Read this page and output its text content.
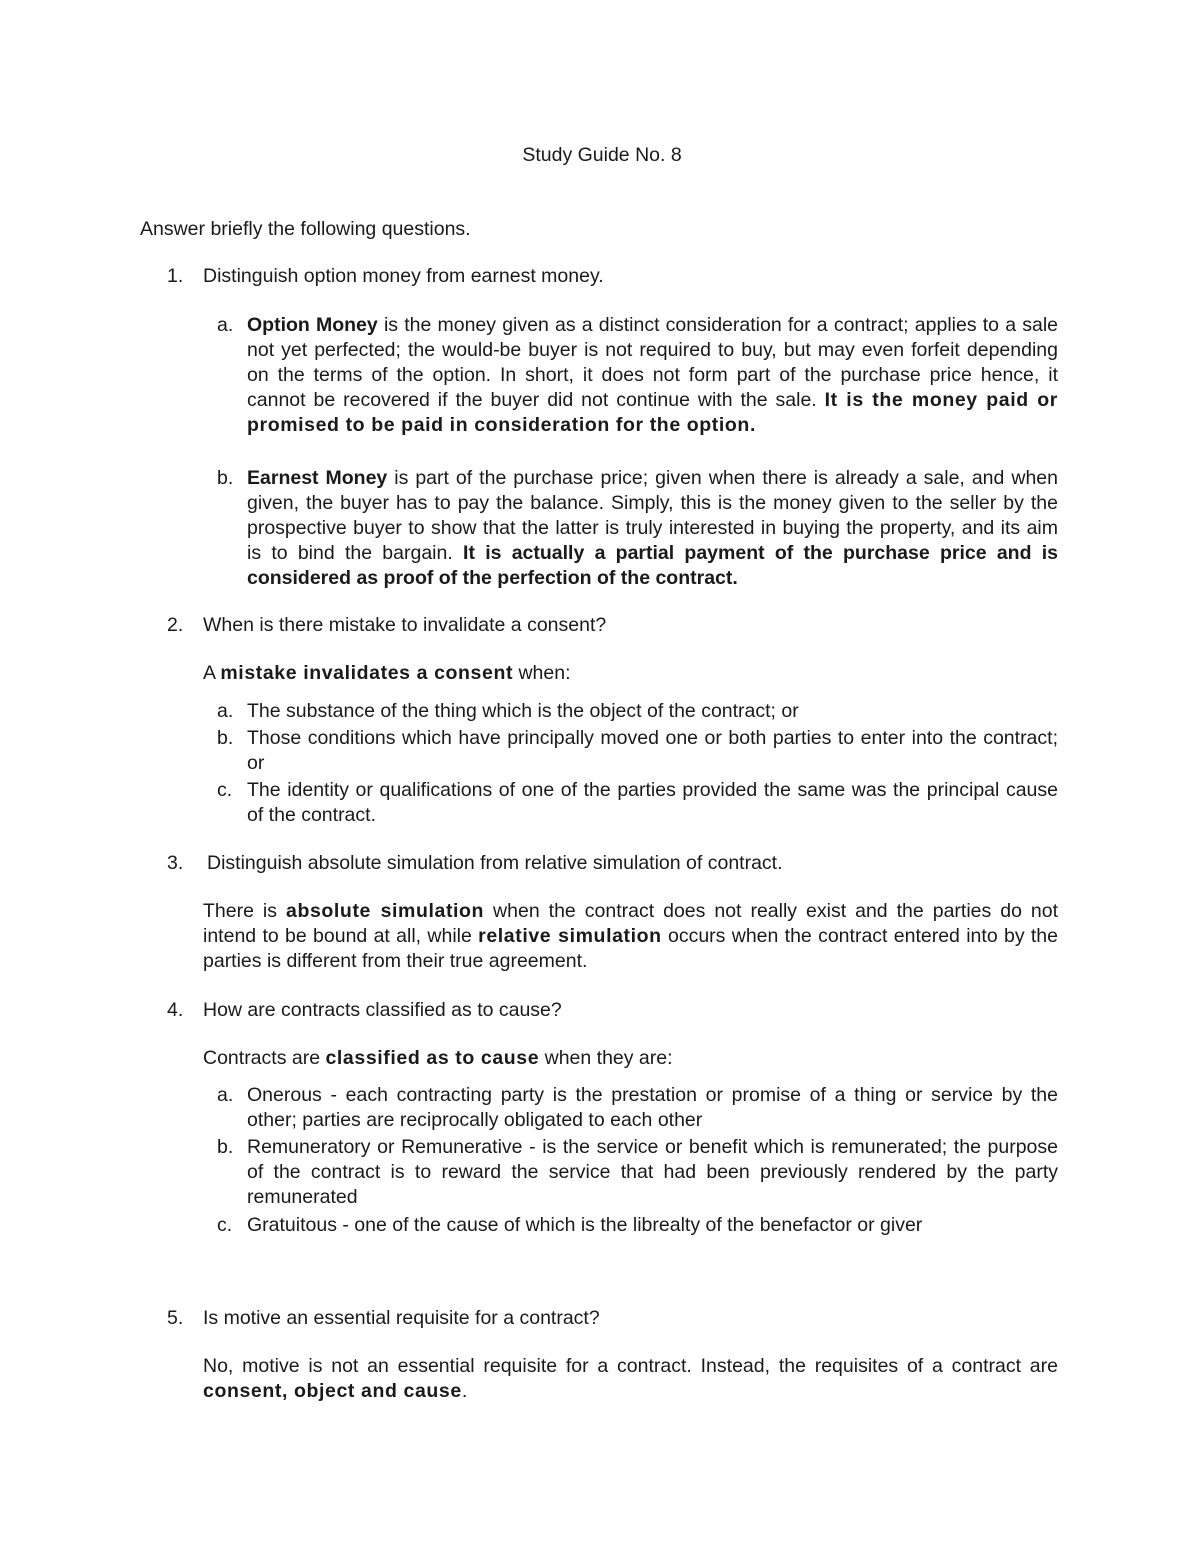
Study Guide No. 8
Answer briefly the following questions.
1. Distinguish option money from earnest money.
a. Option Money is the money given as a distinct consideration for a contract; applies to a sale not yet perfected; the would-be buyer is not required to buy, but may even forfeit depending on the terms of the option. In short, it does not form part of the purchase price hence, it cannot be recovered if the buyer did not continue with the sale. It is the money paid or promised to be paid in consideration for the option.
b. Earnest Money is part of the purchase price; given when there is already a sale, and when given, the buyer has to pay the balance. Simply, this is the money given to the seller by the prospective buyer to show that the latter is truly interested in buying the property, and its aim is to bind the bargain. It is actually a partial payment of the purchase price and is considered as proof of the perfection of the contract.
2. When is there mistake to invalidate a consent?
A mistake invalidates a consent when:
a. The substance of the thing which is the object of the contract; or
b. Those conditions which have principally moved one or both parties to enter into the contract; or
c. The identity or qualifications of one of the parties provided the same was the principal cause of the contract.
3. Distinguish absolute simulation from relative simulation of contract.
There is absolute simulation when the contract does not really exist and the parties do not intend to be bound at all, while relative simulation occurs when the contract entered into by the parties is different from their true agreement.
4. How are contracts classified as to cause?
Contracts are classified as to cause when they are:
a. Onerous - each contracting party is the prestation or promise of a thing or service by the other; parties are reciprocally obligated to each other
b. Remuneratory or Remunerative - is the service or benefit which is remunerated; the purpose of the contract is to reward the service that had been previously rendered by the party remunerated
c. Gratuitous - one of the cause of which is the librealty of the benefactor or giver
5. Is motive an essential requisite for a contract?
No, motive is not an essential requisite for a contract. Instead, the requisites of a contract are consent, object and cause.
